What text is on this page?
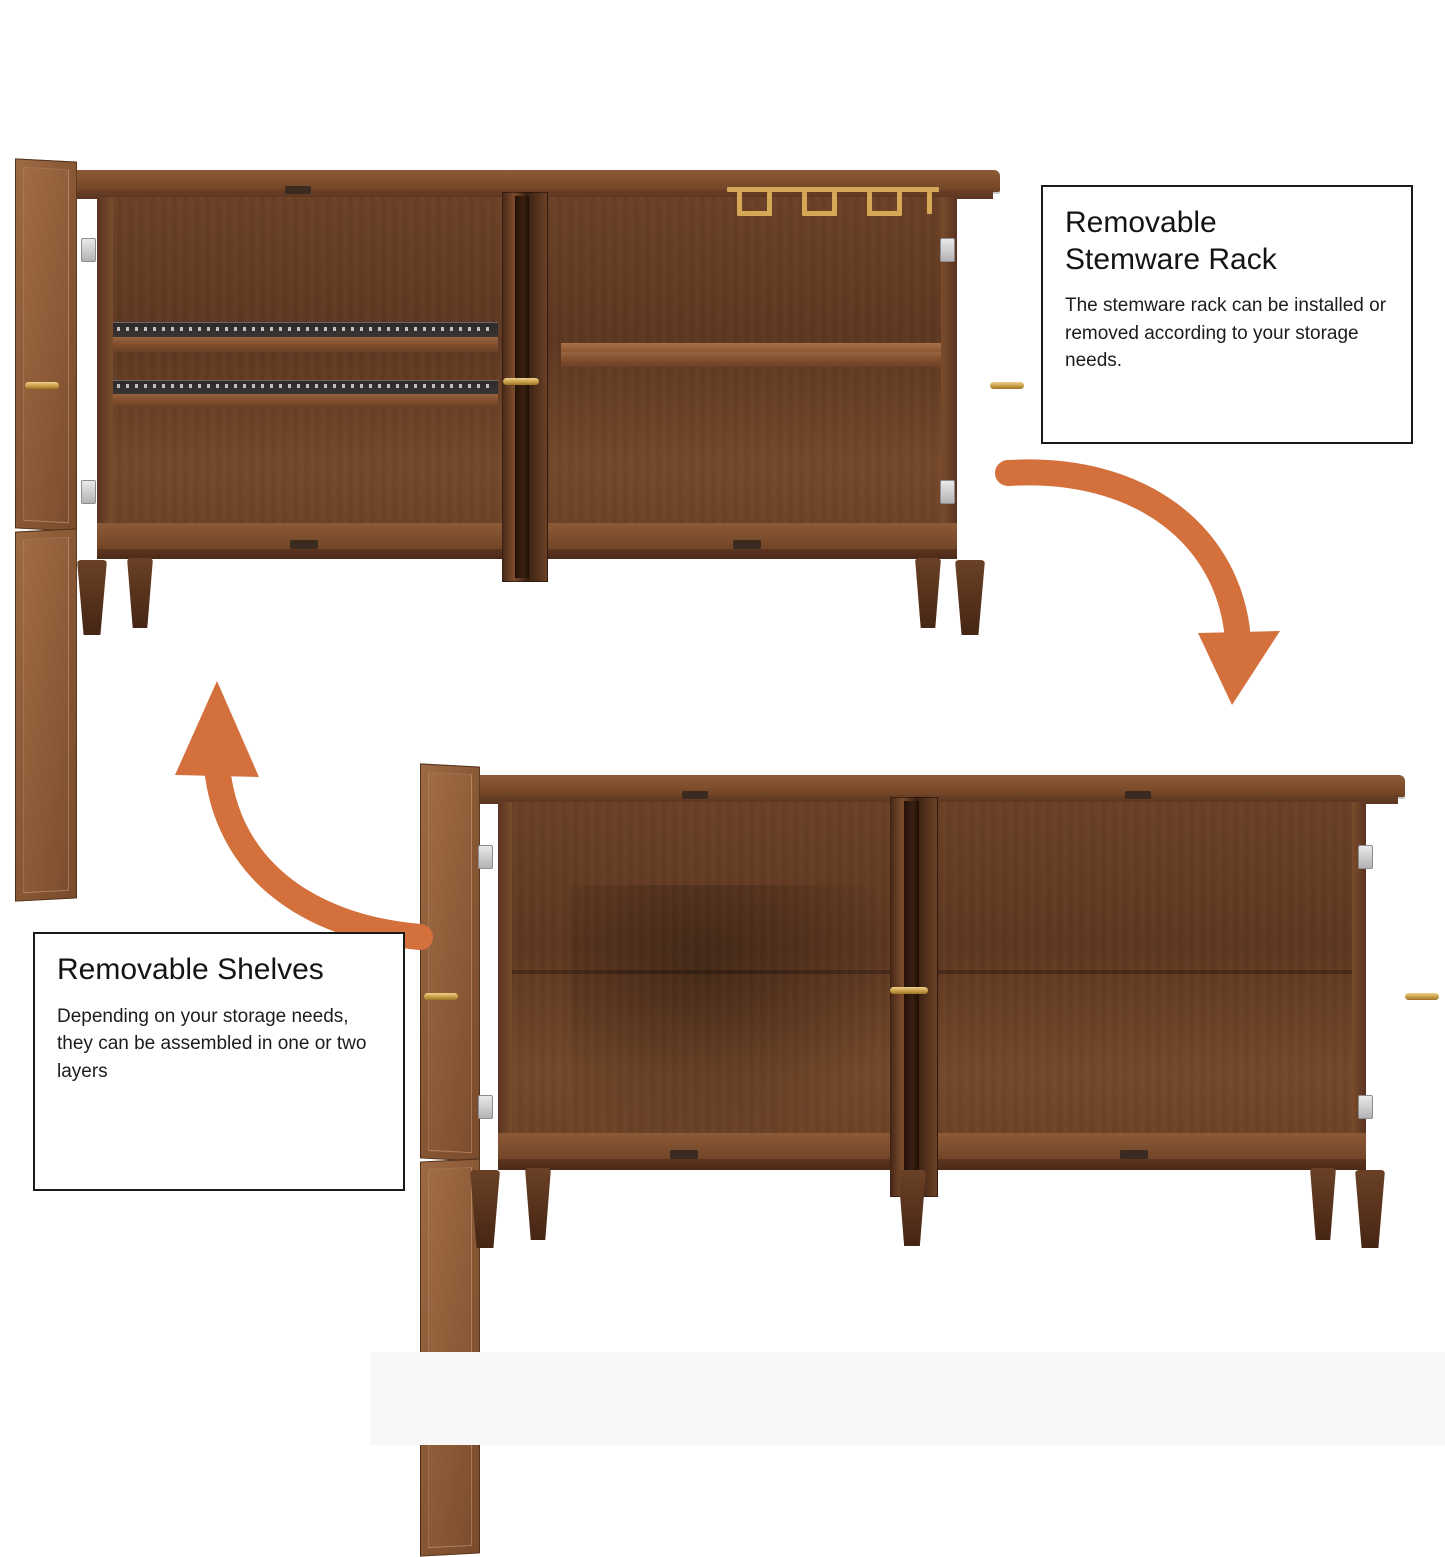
Removable
Stemware Rack

The stemware rack can be installed or removed according to your storage needs.

Removable Shelves

Depending on your storage needs, they can be assembled in one or two layers
